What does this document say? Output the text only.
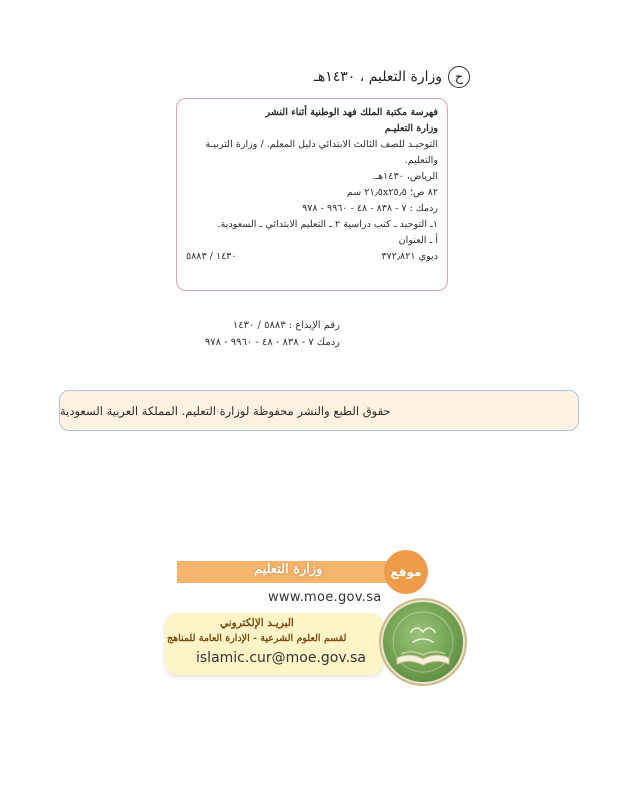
ح
وزارة التعليم ، ١٤٣٠هـ
فهرسة مكتبة الملك فهد الوطنية أثناء النشر
وزارة التعليـم
التوحيـد للصف الثالث الابتدائي دليل المعلم. / وزارة التربيـة
والتعليم.
الرياض، ١٤٣٠هـ.
٨٢ ص؛ ٢١٫٥x٢٥٫٥ سم
ردمك : ٧ - ٨٣٨ - ٤٨ - ٩٩٦٠ - ٩٧٨
١ـ التوحيد ـ كتب دراسية ٢ ـ التعليم الابتدائي ـ السعودية.
أ ـ العنوان
ديوي ٣٧٢٫٨٢١
١٤٣٠ / ٥٨٨٣
رقم الإيداع : ٥٨٨٣ / ١٤٣٠
ردمك ٧ - ٨٣٨ - ٤٨ - ٩٩٦٠ - ٩٧٨
حقوق الطبع والنشر محفوظة لوزارة التعليم. المملكة العربية السعودية
وزارة التعليم	موقع
www.moe.gov.sa
البريـد الإلكتروني
لقسم العلوم الشرعية - الإدارة العامة للمناهج
islamic.cur@moe.gov.sa
